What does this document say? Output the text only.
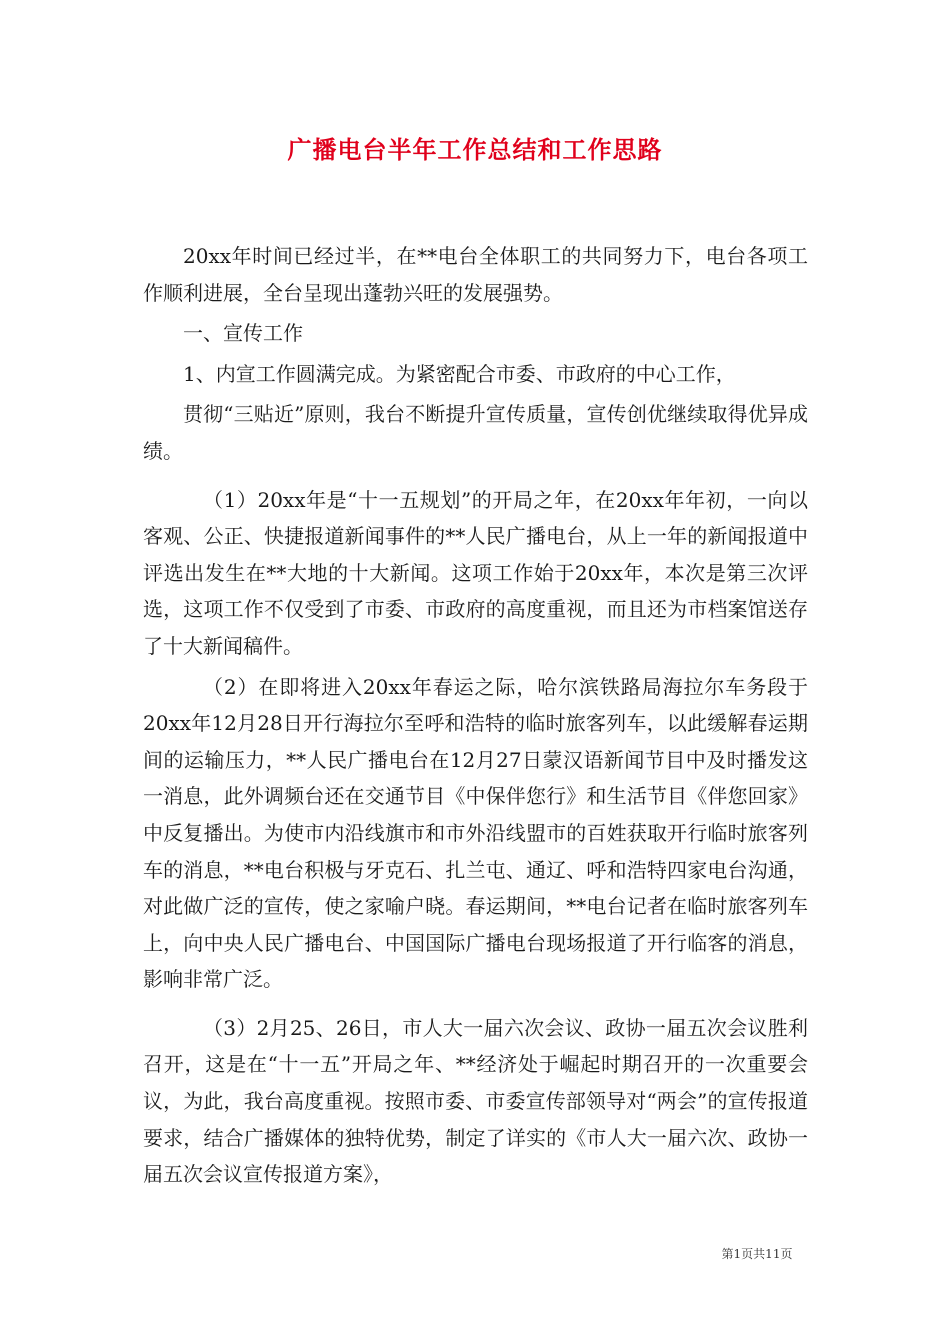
广播电台半年工作总结和工作思路

20xx年时间已经过半，在**电台全体职工的共同努力下，电台各项工作顺利进展，全台呈现出蓬勃兴旺的发展强势。

一、宣传工作

1、内宣工作圆满完成。为紧密配合市委、市政府的中心工作，

贯彻“三贴近”原则，我台不断提升宣传质量，宣传创优继续取得优异成绩。

（1）20xx年是“十一五规划”的开局之年，在20xx年年初，一向以客观、公正、快捷报道新闻事件的**人民广播电台，从上一年的新闻报道中评选出发生在**大地的十大新闻。这项工作始于20xx年，本次是第三次评选，这项工作不仅受到了市委、市政府的高度重视，而且还为市档案馆送存了十大新闻稿件。

（2）在即将进入20xx年春运之际，哈尔滨铁路局海拉尔车务段于20xx年12月28日开行海拉尔至呼和浩特的临时旅客列车，以此缓解春运期间的运输压力，**人民广播电台在12月27日蒙汉语新闻节目中及时播发这一消息，此外调频台还在交通节目《中保伴您行》和生活节目《伴您回家》中反复播出。为使市内沿线旗市和市外沿线盟市的百姓获取开行临时旅客列车的消息，**电台积极与牙克石、扎兰屯、通辽、呼和浩特四家电台沟通，对此做广泛的宣传，使之家喻户晓。春运期间，**电台记者在临时旅客列车上，向中央人民广播电台、中国国际广播电台现场报道了开行临客的消息，影响非常广泛。

（3）2月25、26日，市人大一届六次会议、政协一届五次会议胜利召开，这是在“十一五”开局之年、**经济处于崛起时期召开的一次重要会议，为此，我台高度重视。按照市委、市委宣传部领导对“两会”的宣传报道要求，结合广播媒体的独特优势，制定了详实的《市人大一届六次、政协一届五次会议宣传报道方案》，

第1页共11页
